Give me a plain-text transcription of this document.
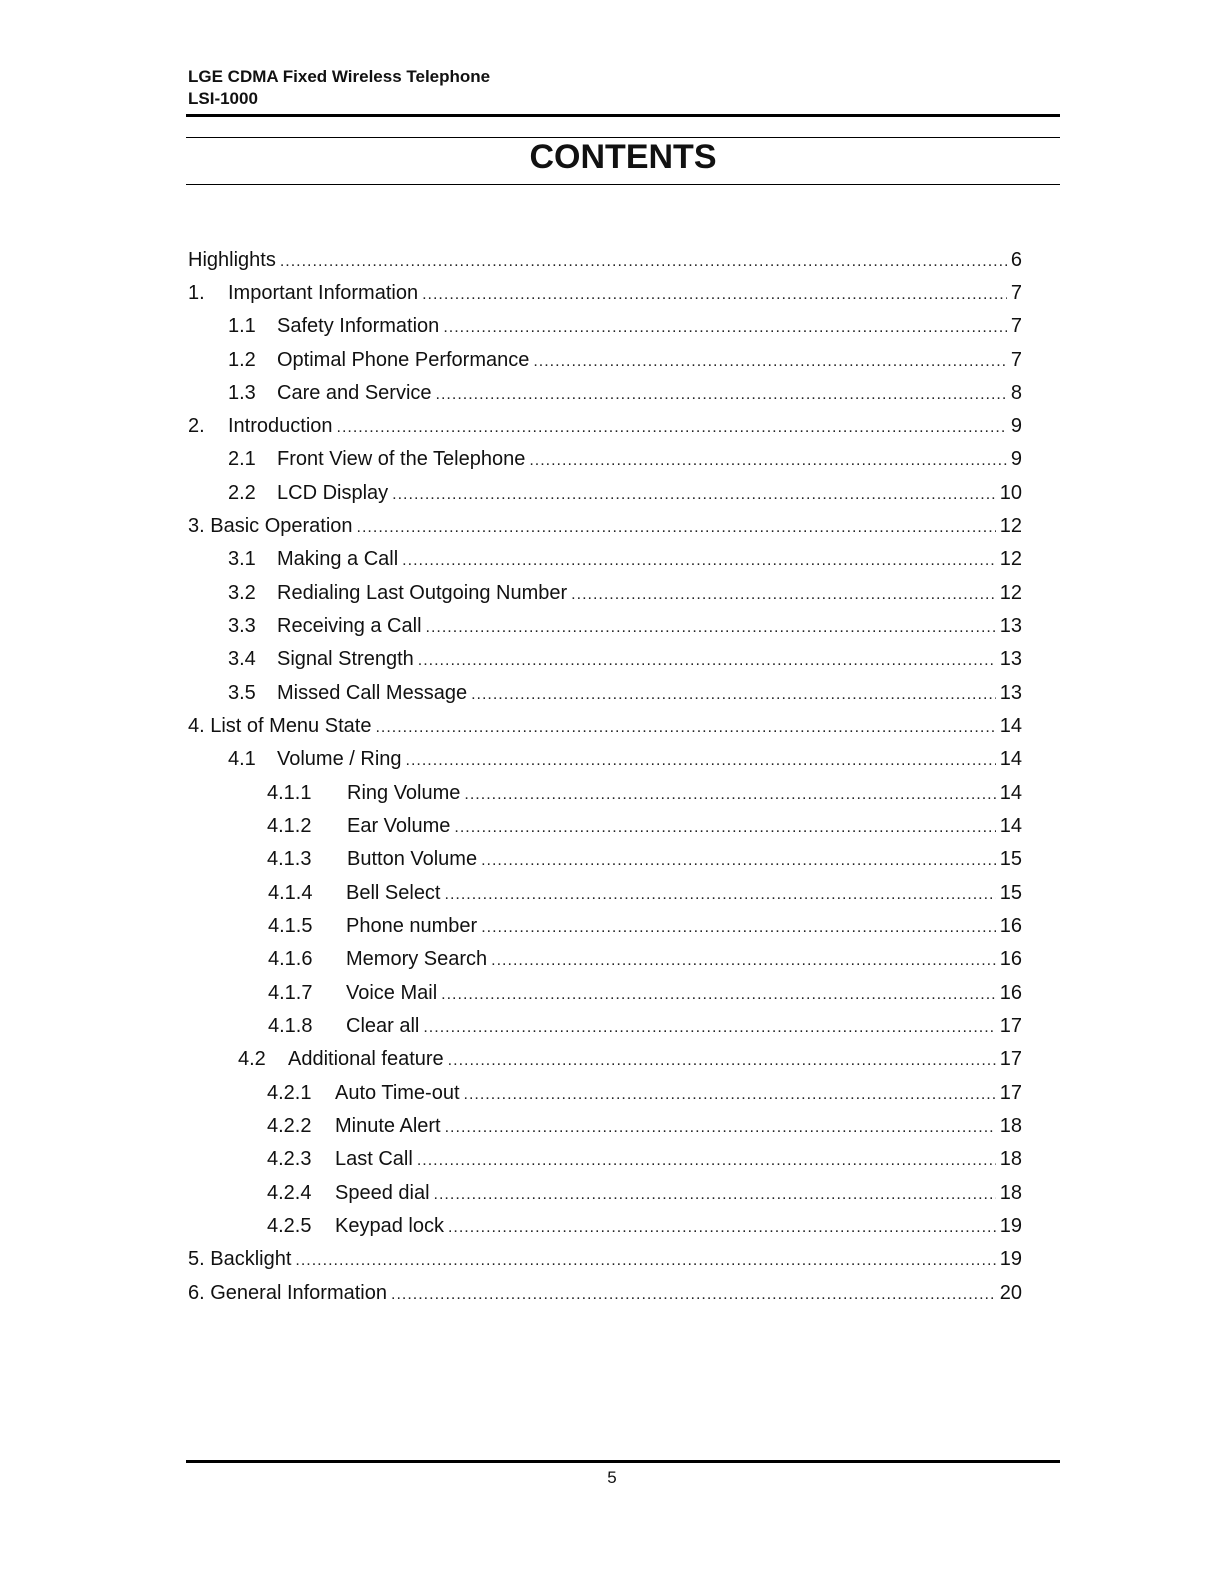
LGE CDMA Fixed Wireless Telephone
LSI-1000
CONTENTS
Highlights .....	6
1.	Important Information .....	7
1.1	Safety Information .....	7
1.2	Optimal Phone Performance .....	7
1.3	Care and Service .....	8
2.	Introduction .....	9
2.1	Front View of the Telephone .....	9
2.2	LCD Display .....	10
3. Basic Operation .....	12
3.1	Making a Call .....	12
3.2	Redialing Last Outgoing Number .....	12
3.3	Receiving a Call .....	13
3.4	Signal Strength .....	13
3.5	Missed Call Message .....	13
4. List of Menu State .....	14
4.1	Volume / Ring .....	14
4.1.1	Ring Volume .....	14
4.1.2	Ear Volume .....	14
4.1.3	Button Volume .....	15
4.1.4	Bell Select .....	15
4.1.5	Phone number .....	16
4.1.6	Memory Search .....	16
4.1.7	Voice Mail .....	16
4.1.8	Clear all .....	17
4.2	Additional feature .....	17
4.2.1	Auto Time-out .....	17
4.2.2	Minute Alert .....	18
4.2.3	Last Call .....	18
4.2.4	Speed dial .....	18
4.2.5	Keypad lock .....	19
5. Backlight .....	19
6. General Information .....	20
5
